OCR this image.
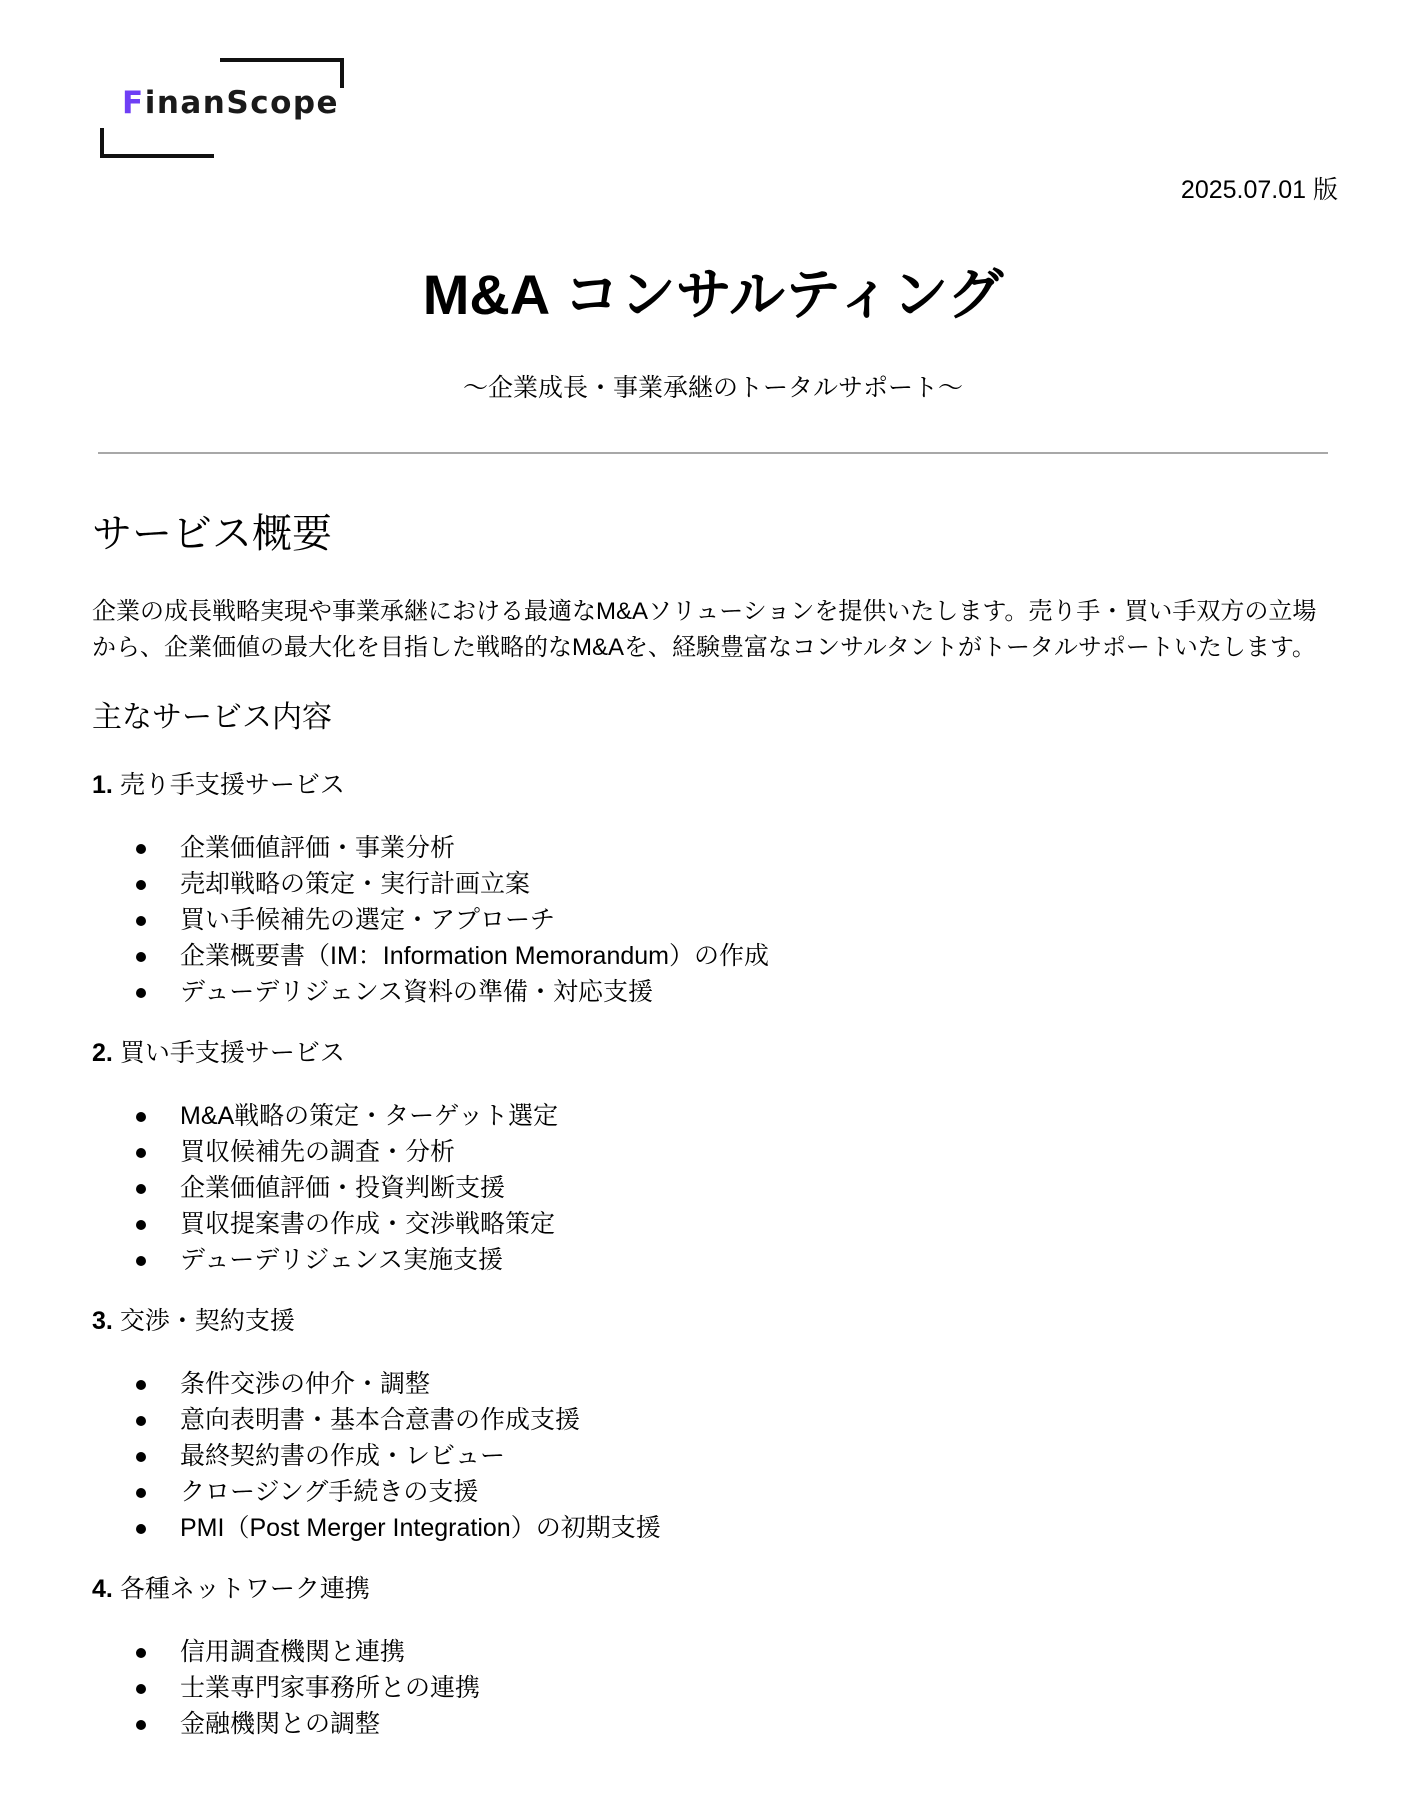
FinanScope
2025.07.01 版
M&A コンサルティング
～企業成長・事業承継のトータルサポート～
サービス概要

企業の成長戦略実現や事業承継における最適なM&Aソリューションを提供いたします。売り手・買い手双方の立場から、企業価値の最大化を目指した戦略的なM&Aを、経験豊富なコンサルタントがトータルサポートいたします。

主なサービス内容
1. 売り手支援サービス
企業価値評価・事業分析
売却戦略の策定・実行計画立案
買い手候補先の選定・アプローチ
企業概要書（IM：Information Memorandum）の作成
デューデリジェンス資料の準備・対応支援
2. 買い手支援サービス
M&A戦略の策定・ターゲット選定
買収候補先の調査・分析
企業価値評価・投資判断支援
買収提案書の作成・交渉戦略策定
デューデリジェンス実施支援
3. 交渉・契約支援
条件交渉の仲介・調整
意向表明書・基本合意書の作成支援
最終契約書の作成・レビュー
クロージング手続きの支援
PMI（Post Merger Integration）の初期支援
4. 各種ネットワーク連携
信用調査機関と連携
士業専門家事務所との連携
金融機関との調整
